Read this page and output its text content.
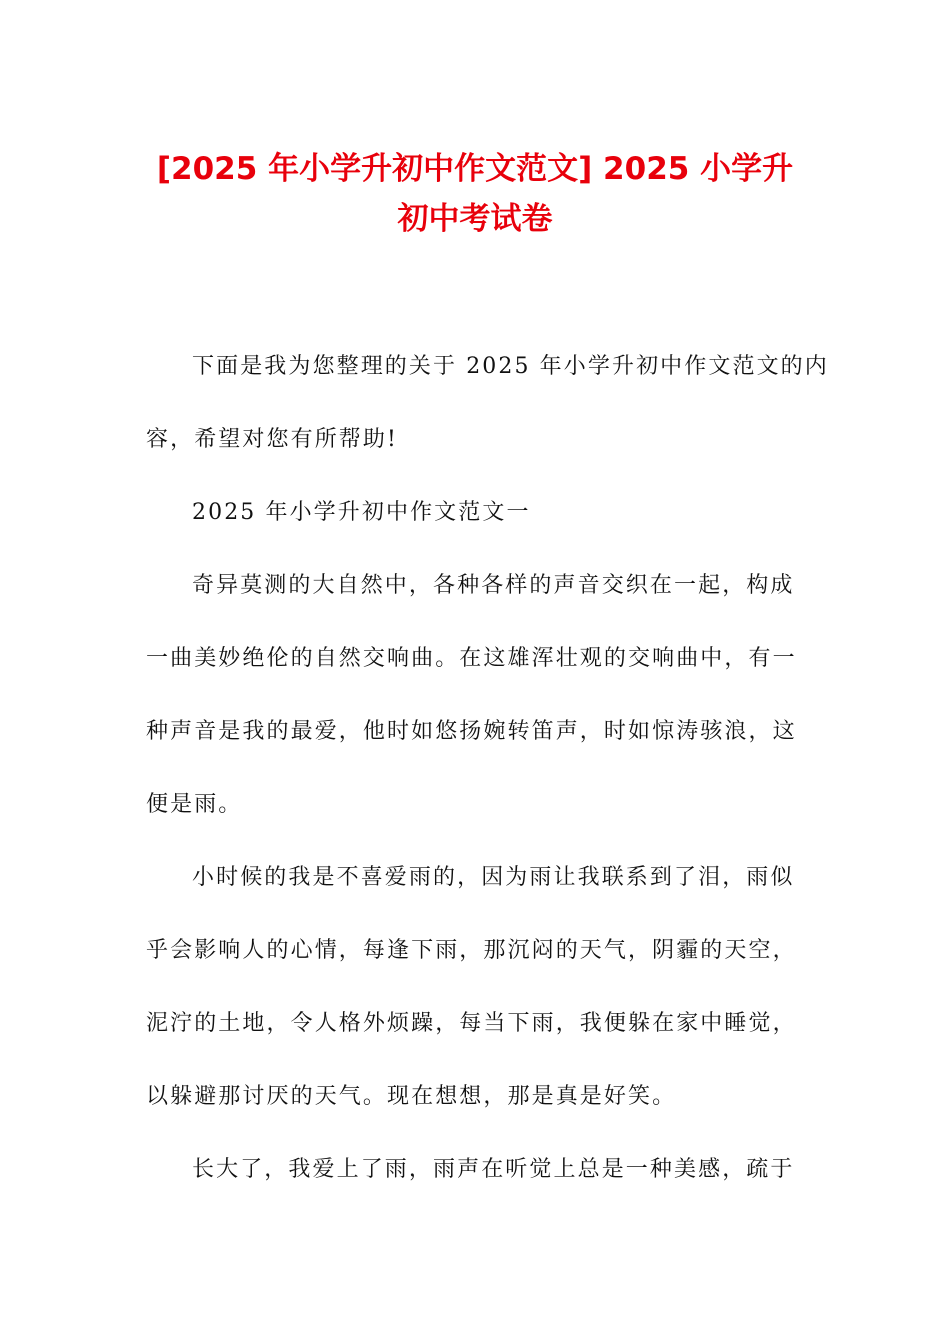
[2025 年小学升初中作文范文] 2025 小学升
初中考试卷
下面是我为您整理的关于 2025 年小学升初中作文范文的内
容，希望对您有所帮助!
2025 年小学升初中作文范文一
奇异莫测的大自然中，各种各样的声音交织在一起，构成
一曲美妙绝伦的自然交响曲。在这雄浑壮观的交响曲中，有一
种声音是我的最爱，他时如悠扬婉转笛声，时如惊涛骇浪，这
便是雨。
小时候的我是不喜爱雨的，因为雨让我联系到了泪，雨似
乎会影响人的心情，每逢下雨，那沉闷的天气，阴霾的天空，
泥泞的土地，令人格外烦躁，每当下雨，我便躲在家中睡觉，
以躲避那讨厌的天气。现在想想，那是真是好笑。
长大了，我爱上了雨，雨声在听觉上总是一种美感，疏于
